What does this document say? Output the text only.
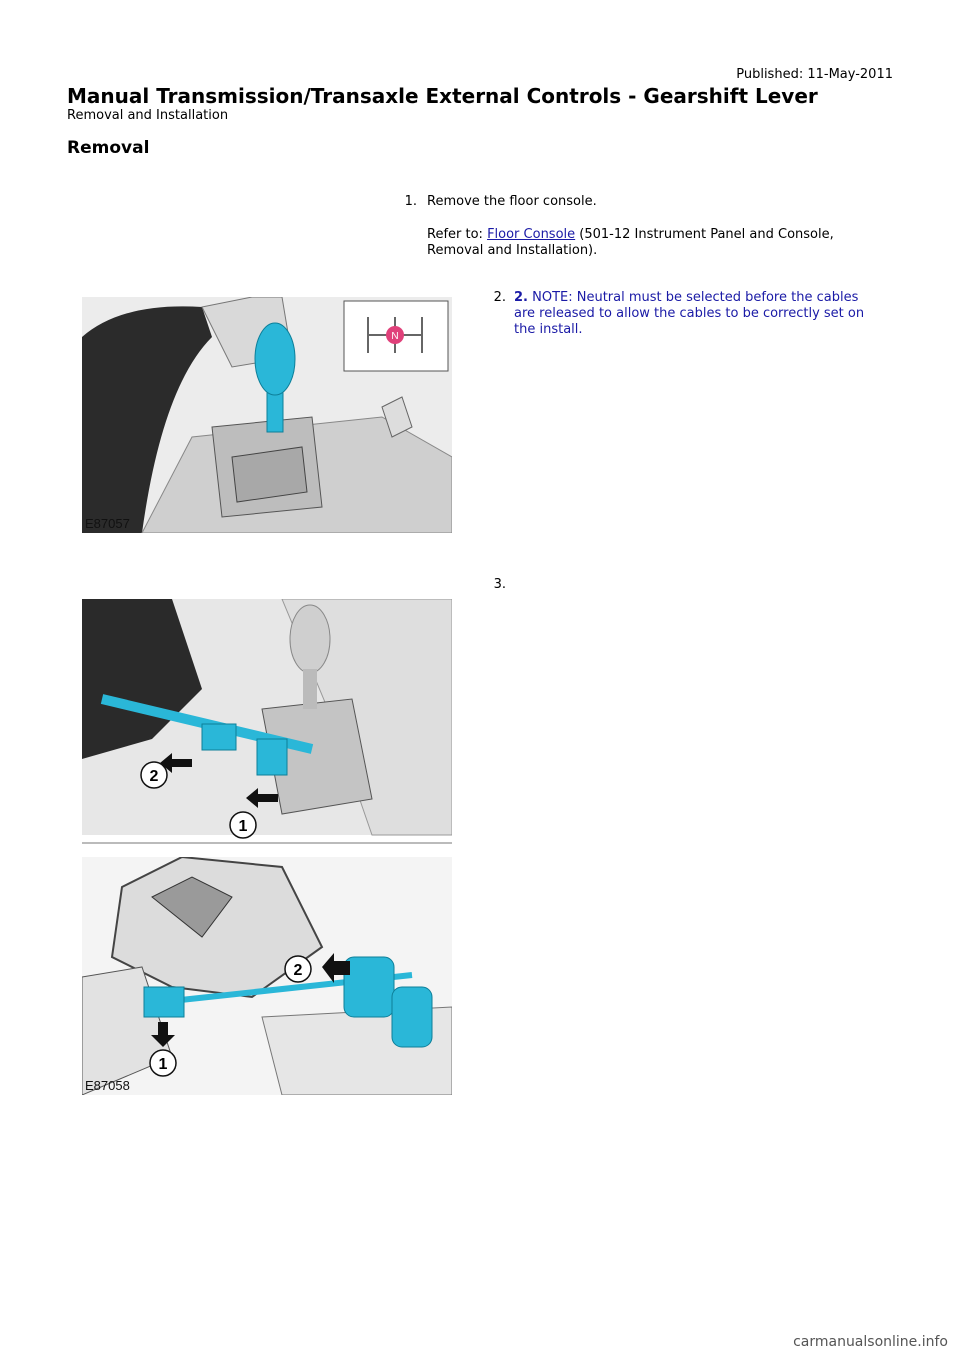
Published: 11-May-2011
Manual Transmission/Transaxle External Controls - Gearshift Lever
Removal and Installation
Removal
1. Remove the floor console.
Refer to: Floor Console (501-12 Instrument Panel and Console,
Removal and Installation).
2. 2. NOTE: Neutral must be selected before the cables
are released to allow the cables to be correctly set on
the install.
3.
N
E87057
2
1
2
1
E87058
carmanualsonline.info
